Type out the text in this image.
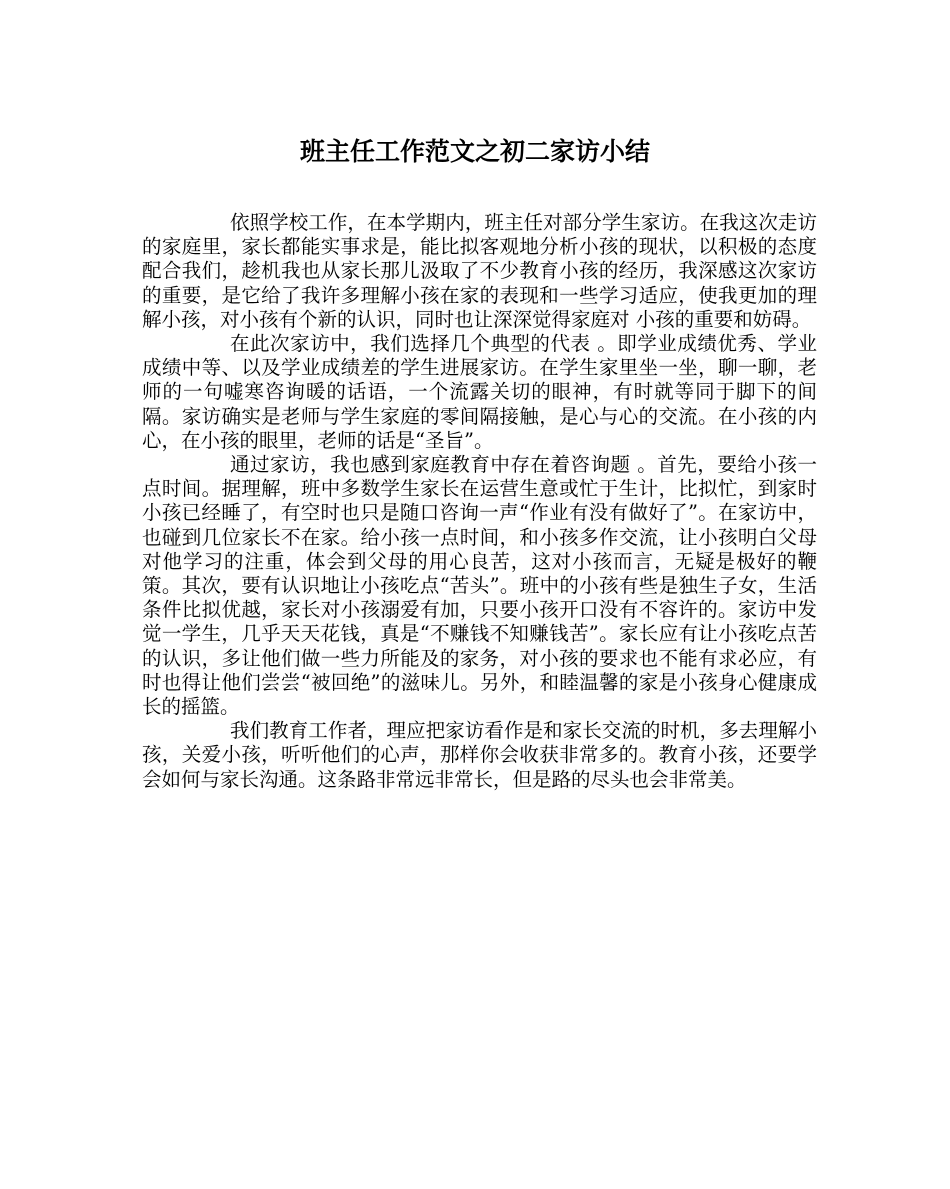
班主任工作范文之初二家访小结

依照学校工作，在本学期内，班主任对部分学生家访。在我这次走访的家庭里，家长都能实事求是，能比拟客观地分析小孩的现状，以积极的态度配合我们，趁机我也从家长那儿汲取了不少教育小孩的经历，我深感这次家访的重要，是它给了我许多理解小孩在家的表现和一些学习适应，使我更加的理解小孩，对小孩有个新的认识，同时也让深深觉得家庭对 小孩的重要和妨碍。

在此次家访中，我们选择几个典型的代表 。即学业成绩优秀、学业成绩中等、以及学业成绩差的学生进展家访。在学生家里坐一坐，聊一聊，老师的一句嘘寒咨询暖的话语，一个流露关切的眼神，有时就等同于脚下的间隔。家访确实是老师与学生家庭的零间隔接触，是心与心的交流。在小孩的内心，在小孩的眼里，老师的话是“圣旨”。

通过家访，我也感到家庭教育中存在着咨询题 。首先，要给小孩一点时间。据理解，班中多数学生家长在运营生意或忙于生计，比拟忙，到家时小孩已经睡了，有空时也只是随口咨询一声“作业有没有做好了”。在家访中，也碰到几位家长不在家。给小孩一点时间，和小孩多作交流，让小孩明白父母对他学习的注重，体会到父母的用心良苦，这对小孩而言，无疑是极好的鞭策。其次，要有认识地让小孩吃点“苦头”。班中的小孩有些是独生子女，生活条件比拟优越，家长对小孩溺爱有加，只要小孩开口没有不容许的。家访中发觉一学生，几乎天天花钱，真是“不赚钱不知赚钱苦”。家长应有让小孩吃点苦的认识，多让他们做一些力所能及的家务，对小孩的要求也不能有求必应，有时也得让他们尝尝“被回绝”的滋味儿。另外，和睦温馨的家是小孩身心健康成长的摇篮。

我们教育工作者，理应把家访看作是和家长交流的时机，多去理解小孩，关爱小孩，听听他们的心声，那样你会收获非常多的。教育小孩，还要学会如何与家长沟通。这条路非常远非常长，但是路的尽头也会非常美。
